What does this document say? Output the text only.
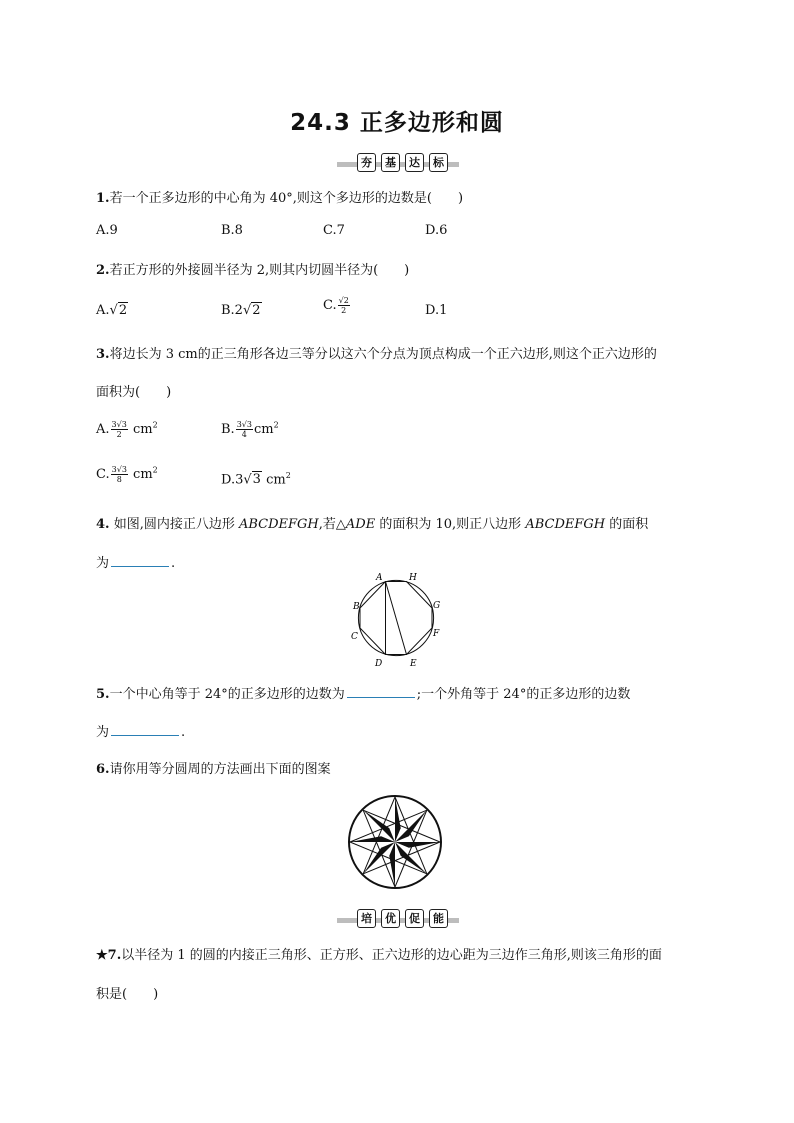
24.3 正多边形和圆
夯	基	达	标
1.若一个正多边形的中心角为 40°,则这个多边形的边数是(　　)
A.9	B.8	C.7	D.6
2.若正方形的外接圆半径为 2,则其内切圆半径为(　　)
A.√2	B.2√2	C. $\frac{√2}{2}$	D.1
3.将边长为 3 cm的正三角形各边三等分以这六个分点为顶点构成一个正六边形,则这个正六边形的
面积为(　　)
A. $\frac{3√3}{2} cm^2$	B. $\frac{3√3}{4} cm^2$
C. $\frac{3√3}{8} cm^2$
D.3√3 $cm^2$
4. 如图,圆内接正八边形 ABCDEFGH,若△ADE 的面积为 10,则正八边形 ABCDEFGH 的面积
为	.
A	H
G
F
E
D
C
B
5.一个中心角等于 24°的正多边形的边数为	;一个外角等于 24°的正多边形的边数
为	.
6.请你用等分圆周的方法画出下面的图案
培	优	促	能
★7.以半径为 1 的圆的内接正三角形、正方形、正六边形的边心距为三边作三角形,则该三角形的面
积是(　　)
